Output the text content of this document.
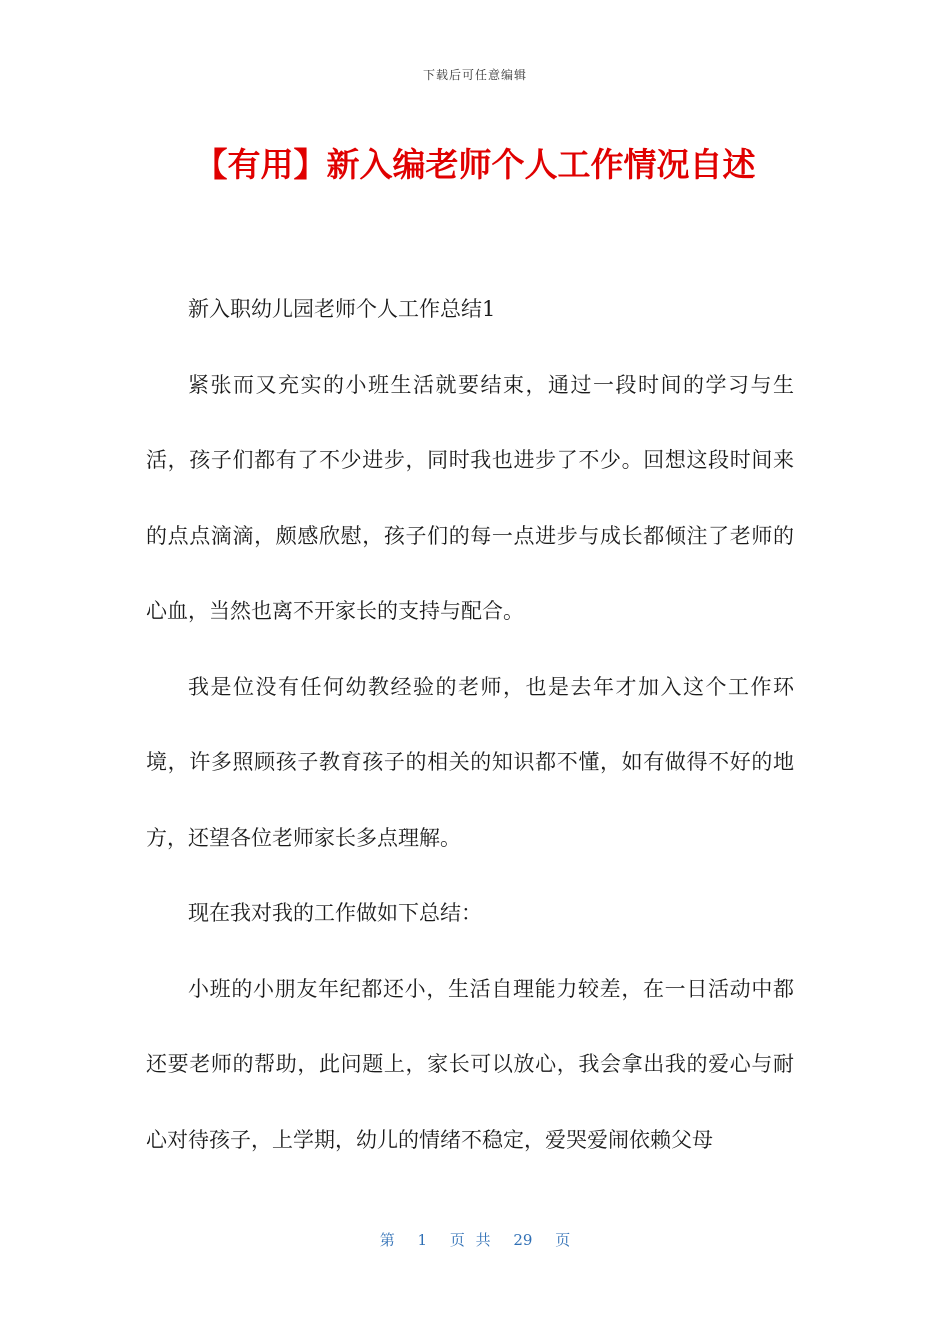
下载后可任意编辑
【有用】新入编老师个人工作情况自述

新入职幼儿园老师个人工作总结1

紧张而又充实的小班生活就要结束，通过一段时间的学习与生活，孩子们都有了不少进步，同时我也进步了不少。回想这段时间来的点点滴滴，颇感欣慰，孩子们的每一点进步与成长都倾注了老师的心血，当然也离不开家长的支持与配合。

我是位没有任何幼教经验的老师，也是去年才加入这个工作环境，许多照顾孩子教育孩子的相关的知识都不懂，如有做得不好的地方，还望各位老师家长多点理解。

现在我对我的工作做如下总结：

小班的小朋友年纪都还小，生活自理能力较差，在一日活动中都还要老师的帮助，此问题上，家长可以放心，我会拿出我的爱心与耐心对待孩子，上学期，幼儿的情绪不稳定，爱哭爱闹依赖父母

第 1 页 共 29 页
